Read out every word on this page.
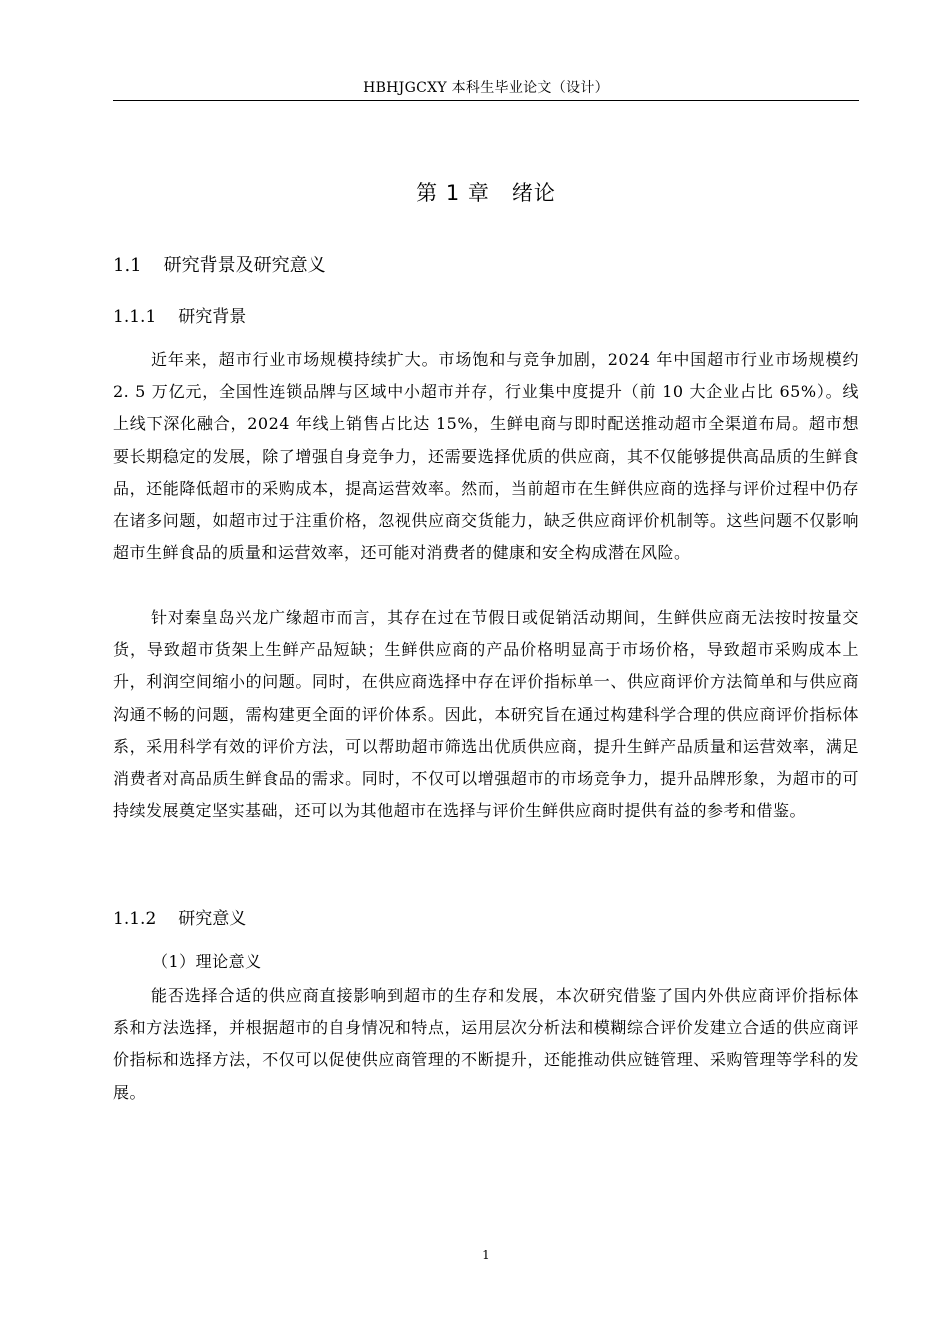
HBHJGCXY 本科生毕业论文（设计）
第 1 章　绪论
1.1 研究背景及研究意义
1.1.1 研究背景

近年来，超市行业市场规模持续扩大。市场饱和与竞争加剧，2024 年中国超市行业市场规模约 2. 5 万亿元，全国性连锁品牌与区域中小超市并存，行业集中度提升（前 10 大企业占比 65%）。线上线下深化融合，2024 年线上销售占比达 15%，生鲜电商与即时配送推动超市全渠道布局。超市想要长期稳定的发展，除了增强自身竞争力，还需要选择优质的供应商，其不仅能够提供高品质的生鲜食品，还能降低超市的采购成本，提高运营效率。然而，当前超市在生鲜供应商的选择与评价过程中仍存在诸多问题，如超市过于注重价格，忽视供应商交货能力，缺乏供应商评价机制等。这些问题不仅影响超市生鲜食品的质量和运营效率，还可能对消费者的健康和安全构成潜在风险。

针对秦皇岛兴龙广缘超市而言，其存在过在节假日或促销活动期间，生鲜供应商无法按时按量交货，导致超市货架上生鲜产品短缺；生鲜供应商的产品价格明显高于市场价格，导致超市采购成本上升，利润空间缩小的问题。同时，在供应商选择中存在评价指标单一、供应商评价方法简单和与供应商沟通不畅的问题，需构建更全面的评价体系。因此，本研究旨在通过构建科学合理的供应商评价指标体系，采用科学有效的评价方法，可以帮助超市筛选出优质供应商，提升生鲜产品质量和运营效率，满足消费者对高品质生鲜食品的需求。同时，不仅可以增强超市的市场竞争力，提升品牌形象，为超市的可持续发展奠定坚实基础，还可以为其他超市在选择与评价生鲜供应商时提供有益的参考和借鉴。

1.1.2 研究意义

（1）理论意义

能否选择合适的供应商直接影响到超市的生存和发展，本次研究借鉴了国内外供应商评价指标体系和方法选择，并根据超市的自身情况和特点，运用层次分析法和模糊综合评价发建立合适的供应商评价指标和选择方法，不仅可以促使供应商管理的不断提升，还能推动供应链管理、采购管理等学科的发展。

1
